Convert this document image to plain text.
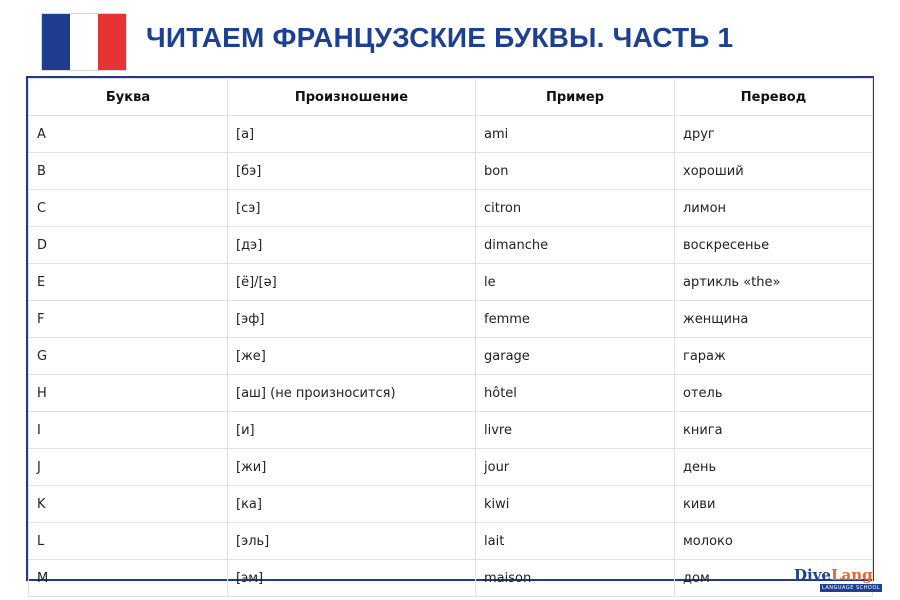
ЧИТАЕМ ФРАНЦУЗСКИЕ БУКВЫ. ЧАСТЬ 1
Буква	Произношение	Пример	Перевод
A	[а]	ami	друг
B	[бэ]	bon	хороший
C	[сэ]	citron	лимон
D	[дэ]	dimanche	воскресенье
E	[ё]/[ə]	le	артикль «the»
F	[эф]	femme	женщина
G	[же]	garage	гараж
H	[аш] (не произносится)	hôtel	отель
I	[и]	livre	книга
J	[жи]	jour	день
K	[ка]	kiwi	киви
L	[эль]	lait	молоко
M	[эм]	maison	дом	DiveLang
LANGUAGE SCHOOL
